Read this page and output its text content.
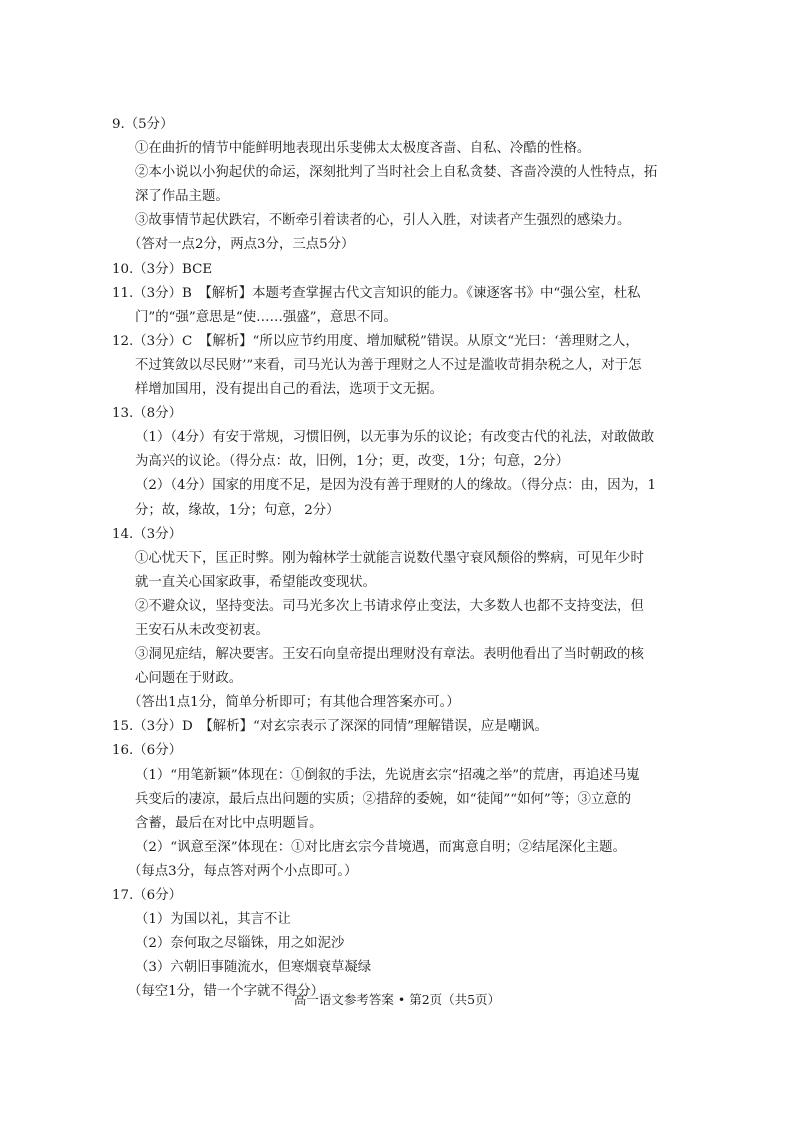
9.（5分）
①在曲折的情节中能鲜明地表现出乐斐佛太太极度吝啬、自私、冷酷的性格。
②本小说以小狗起伏的命运，深刻批判了当时社会上自私贪婪、吝啬冷漠的人性特点，拓
深了作品主题。
③故事情节起伏跌宕，不断牵引着读者的心，引人入胜，对读者产生强烈的感染力。
（答对一点2分，两点3分，三点5分）
10.（3分）BCE
11.（3分）B　【解析】本题考查掌握古代文言知识的能力。《谏逐客书》中“强公室，杜私
门”的“强”意思是“使……强盛”，意思不同。
12.（3分）C　【解析】“所以应节约用度、增加赋税”错误。从原文“光曰：‘善理财之人，
不过箕敛以尽民财’”来看，司马光认为善于理财之人不过是滥收苛捐杂税之人，对于怎
样增加国用，没有提出自己的看法，选项于文无据。
13.（8分）
（1）（4分）有安于常规，习惯旧例，以无事为乐的议论；有改变古代的礼法，对敢做敢
为高兴的议论。（得分点：故，旧例，1分；更，改变，1分；句意，2分）
（2）（4分）国家的用度不足，是因为没有善于理财的人的缘故。（得分点：由，因为，1
分；故，缘故，1分；句意，2分）
14.（3分）
①心忧天下，匡正时弊。刚为翰林学士就能言说数代墨守衰风颓俗的弊病，可见年少时
就一直关心国家政事，希望能改变现状。
②不避众议，坚持变法。司马光多次上书请求停止变法，大多数人也都不支持变法，但
王安石从未改变初衷。
③洞见症结，解决要害。王安石向皇帝提出理财没有章法。表明他看出了当时朝政的核
心问题在于财政。
（答出1点1分，简单分析即可；有其他合理答案亦可。）
15.（3分）D　【解析】“对玄宗表示了深深的同情”理解错误，应是嘲讽。
16.（6分）
（1）“用笔新颖”体现在：①倒叙的手法，先说唐玄宗“招魂之举”的荒唐，再追述马嵬
兵变后的凄凉，最后点出问题的实质；②措辞的委婉，如“徒闻”“如何”等；③立意的
含蓄，最后在对比中点明题旨。
（2）“讽意至深”体现在：①对比唐玄宗今昔境遇，而寓意自明；②结尾深化主题。
（每点3分，每点答对两个小点即可。）
17.（6分）
（1）为国以礼，其言不让
（2）奈何取之尽锱铢，用之如泥沙
（3）六朝旧事随流水，但寒烟衰草凝绿
（每空1分，错一个字就不得分）
高一语文参考答案 • 第2页（共5页）
